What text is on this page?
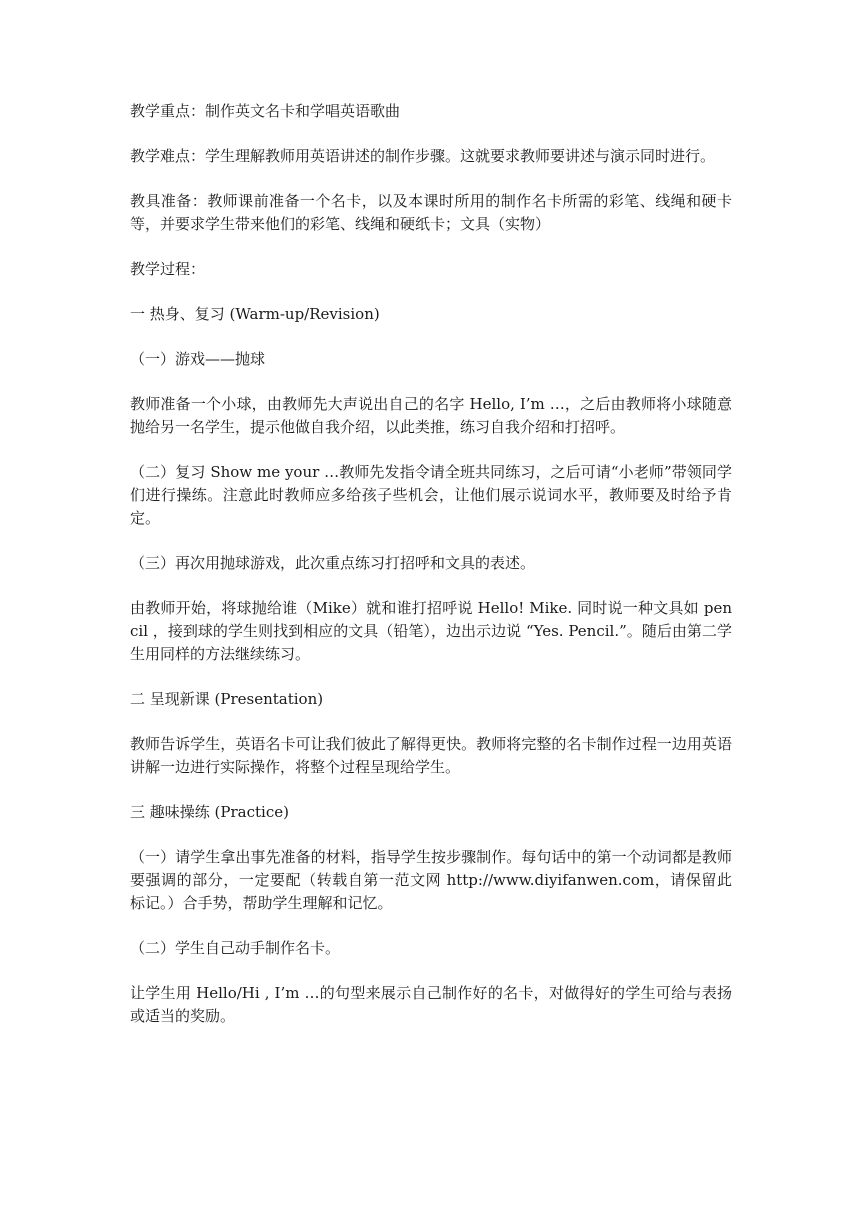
教学重点：制作英文名卡和学唱英语歌曲

教学难点：学生理解教师用英语讲述的制作步骤。这就要求教师要讲述与演示同时进行。

教具准备：教师课前准备一个名卡，以及本课时所用的制作名卡所需的彩笔、线绳和硬卡等，并要求学生带来他们的彩笔、线绳和硬纸卡；文具（实物）

教学过程：

一 热身、复习 (Warm-up/Revision)

（一）游戏——抛球

教师准备一个小球，由教师先大声说出自己的名字 Hello, I’m …，之后由教师将小球随意抛给另一名学生，提示他做自我介绍，以此类推，练习自我介绍和打招呼。

（二）复习 Show me your …教师先发指令请全班共同练习，之后可请“小老师”带领同学们进行操练。注意此时教师应多给孩子些机会，让他们展示说词水平，教师要及时给予肯定。

（三）再次用抛球游戏，此次重点练习打招呼和文具的表述。

由教师开始，将球抛给谁（Mike）就和谁打招呼说 Hello! Mike. 同时说一种文具如 pencil ，接到球的学生则找到相应的文具（铅笔），边出示边说 “Yes. Pencil.”。随后由第二学生用同样的方法继续练习。

二 呈现新课 (Presentation)

教师告诉学生，英语名卡可让我们彼此了解得更快。教师将完整的名卡制作过程一边用英语讲解一边进行实际操作，将整个过程呈现给学生。

三 趣味操练 (Practice)

（一）请学生拿出事先准备的材料，指导学生按步骤制作。每句话中的第一个动词都是教师要强调的部分，一定要配（转载自第一范文网 http://www.diyifanwen.com，请保留此标记。）合手势，帮助学生理解和记忆。

（二）学生自己动手制作名卡。

让学生用 Hello/Hi , I’m …的句型来展示自己制作好的名卡，对做得好的学生可给与表扬或适当的奖励。
